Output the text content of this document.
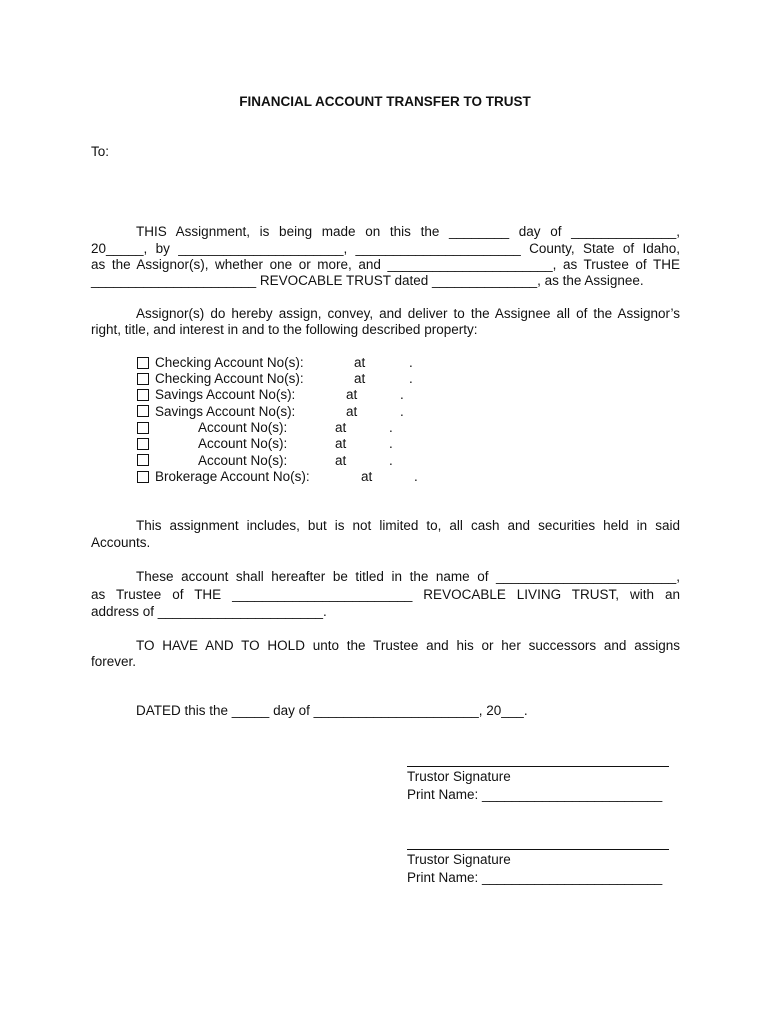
FINANCIAL ACCOUNT TRANSFER TO TRUST
To:
THIS Assignment, is being made on this the ________ day of ______________,
20_____, by ______________________, ______________________ County, State of Idaho,
as the Assignor(s), whether one or more, and ______________________, as Trustee of THE
______________________ REVOCABLE TRUST dated ______________, as the Assignee.
Assignor(s) do hereby assign, convey, and deliver to the Assignee all of the Assignor’s
right, title, and interest in and to the following described property:
Checking Account No(s):	at	.
Checking Account No(s):	at	.
Savings Account No(s):	at	.
Savings Account No(s):	at	.
Account No(s):	at	.
Account No(s):	at	.
Account No(s):	at	.
Brokerage Account No(s):	at	.
This assignment includes, but is not limited to, all cash and securities held in said
Accounts.
These account shall hereafter be titled in the name of ________________________,
as Trustee of THE ________________________ REVOCABLE LIVING TRUST, with an
address of ______________________.
TO HAVE AND TO HOLD unto the Trustee and his or her successors and assigns
forever.
DATED this the _____ day of ______________________, 20___.
Trustor Signature
Print Name: ________________________
Trustor Signature
Print Name: ________________________
